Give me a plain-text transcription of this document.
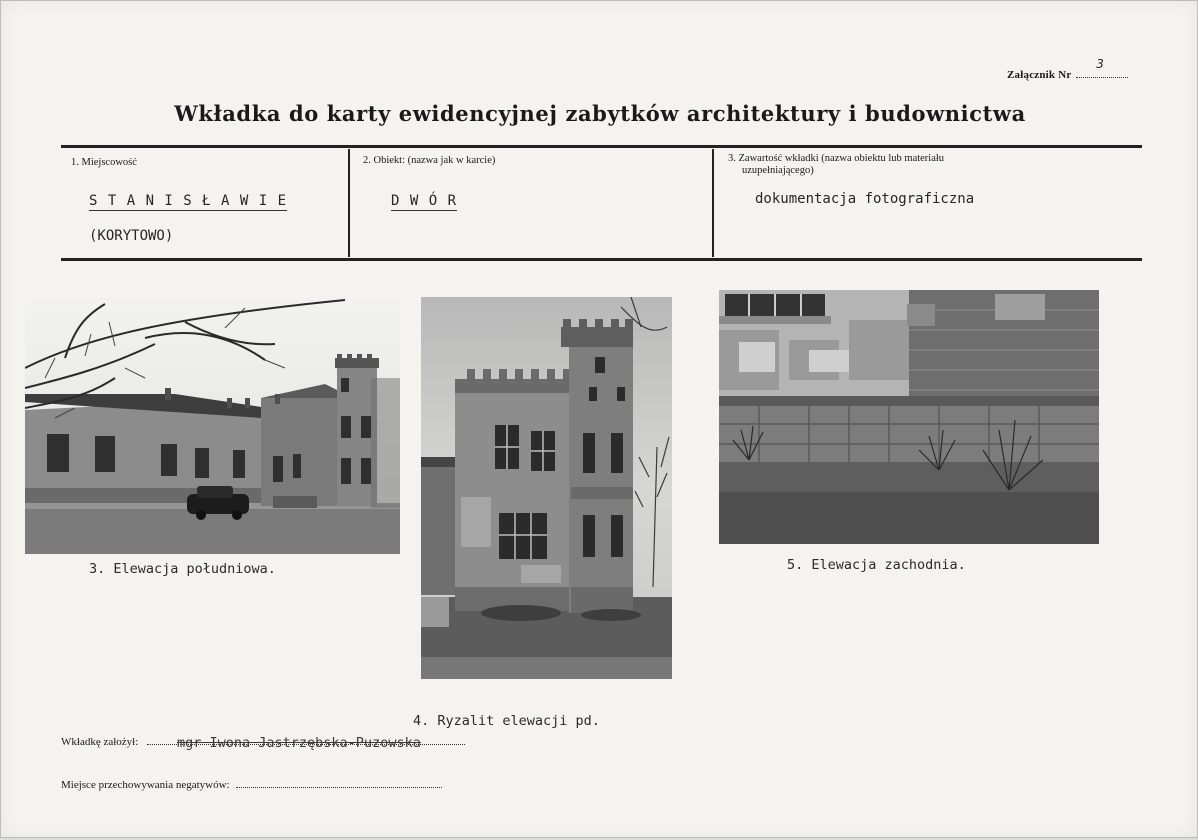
Załącznik Nr
3
Wkładka do karty ewidencyjnej zabytków architektury i budownictwa
1. Miejscowość
S T A N I S Ł A W I E
(KORYTOWO)
2. Obiekt: (nazwa jak w karcie)
D W Ó R
3. Zawartość wkładki (nazwa obiektu lub materiału
uzupełniającego)
dokumentacja fotograficzna
3. Elewacja południowa.
4. Ryzalit elewacji pd.
5. Elewacja zachodnia.
Wkładkę założył:	mgr Iwona Jastrzębska-Puzowska
Miejsce przechowywania negatywów:
